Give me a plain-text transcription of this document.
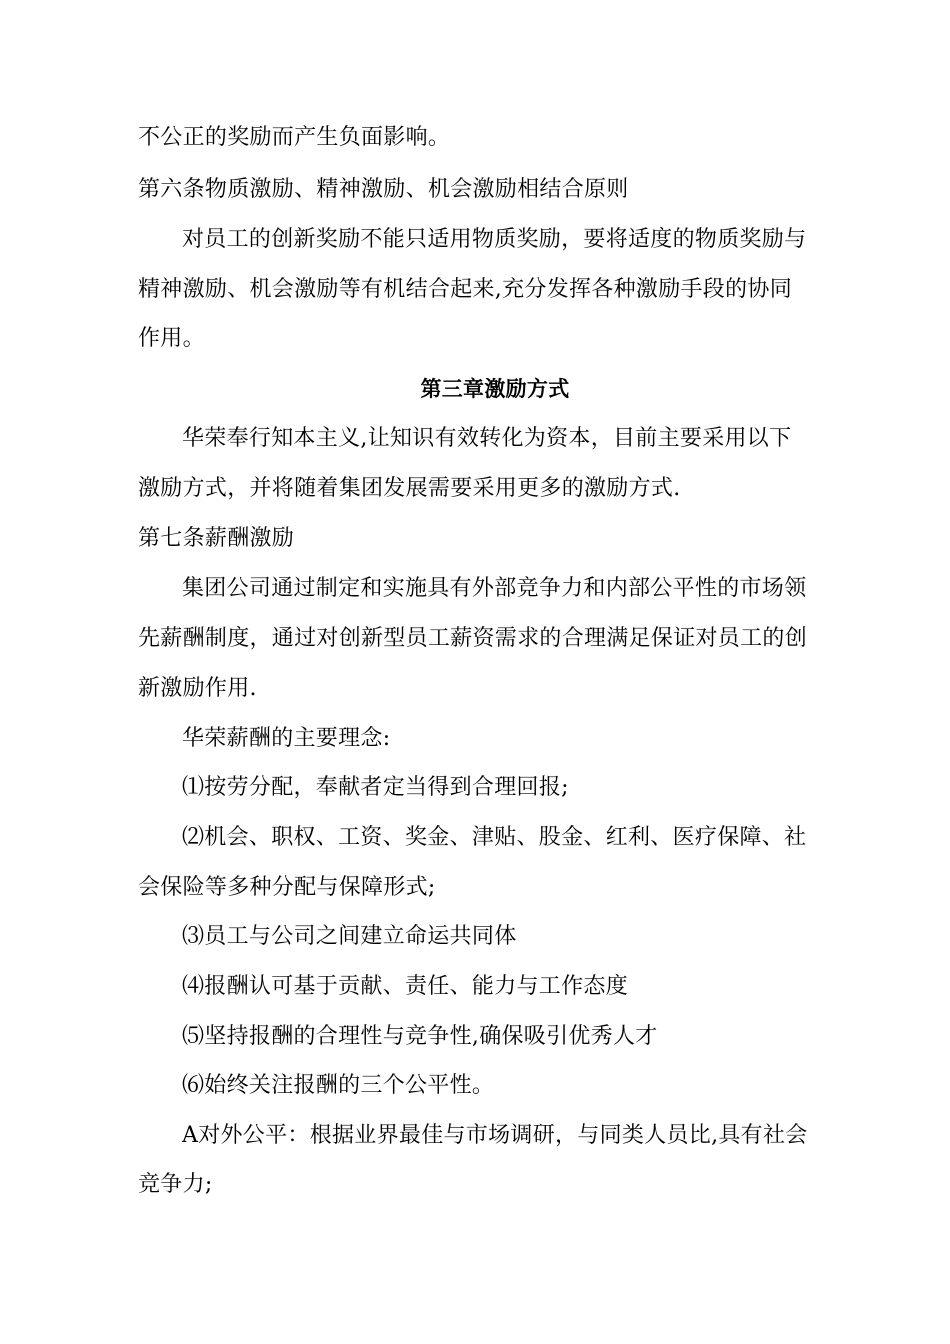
不公正的奖励而产生负面影响。
第六条物质激励、精神激励、机会激励相结合原则
对员工的创新奖励不能只适用物质奖励，要将适度的物质奖励与
精神激励、机会激励等有机结合起来,充分发挥各种激励手段的协同
作用。
第三章激励方式
华荣奉行知本主义,让知识有效转化为资本，目前主要采用以下
激励方式，并将随着集团发展需要采用更多的激励方式.
第七条薪酬激励
集团公司通过制定和实施具有外部竞争力和内部公平性的市场领
先薪酬制度，通过对创新型员工薪资需求的合理满足保证对员工的创
新激励作用.
华荣薪酬的主要理念:
⑴按劳分配，奉献者定当得到合理回报;
⑵机会、职权、工资、奖金、津贴、股金、红利、医疗保障、社
会保险等多种分配与保障形式;
⑶员工与公司之间建立命运共同体
⑷报酬认可基于贡献、责任、能力与工作态度
⑸坚持报酬的合理性与竞争性,确保吸引优秀人才
⑹始终关注报酬的三个公平性。
A对外公平：根据业界最佳与市场调研，与同类人员比,具有社会
竞争力;
